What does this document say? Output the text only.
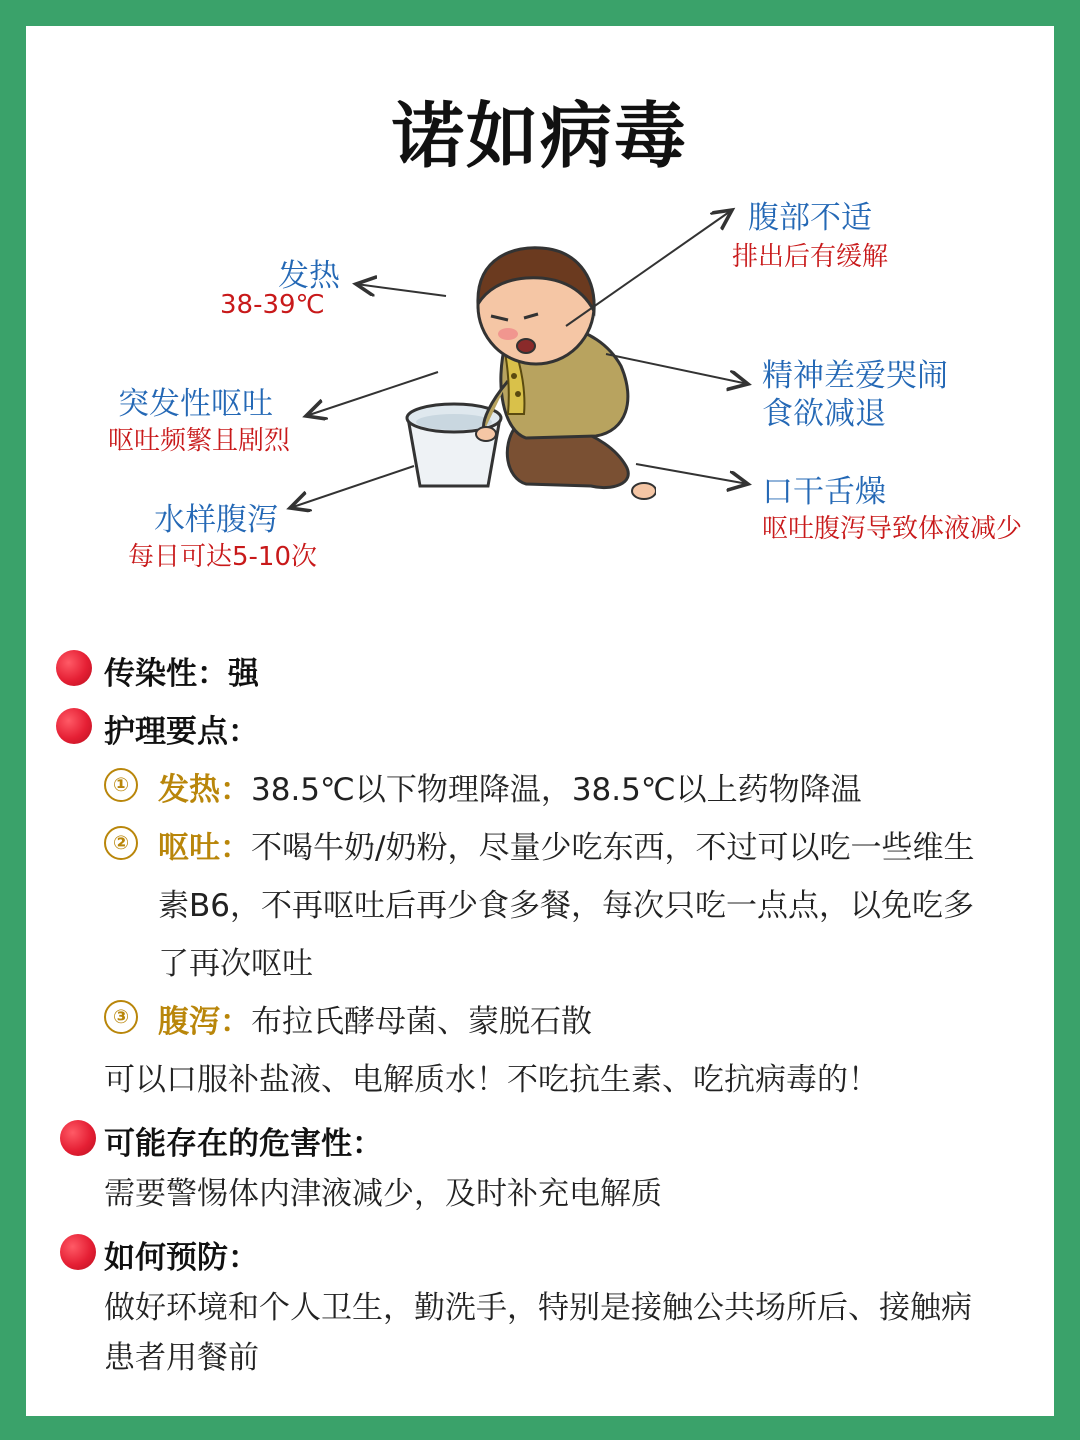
诺如病毒
发热
38-39℃
突发性呕吐
呕吐频繁且剧烈
水样腹泻
每日可达5-10次
腹部不适
排出后有缓解
精神差爱哭闹
食欲减退
口干舌燥
呕吐腹泻导致体液减少
传染性：强
护理要点：
① 发热：38.5℃以下物理降温，38.5℃以上药物降温
② 呕吐：不喝牛奶/奶粉，尽量少吃东西，不过可以吃一些维生
素B6，不再呕吐后再少食多餐，每次只吃一点点，以免吃多
了再次呕吐
③ 腹泻：布拉氏酵母菌、蒙脱石散
可以口服补盐液、电解质水！不吃抗生素、吃抗病毒的！
可能存在的危害性：
需要警惕体内津液减少，及时补充电解质
如何预防：
做好环境和个人卫生，勤洗手，特别是接触公共场所后、接触病
患者用餐前
